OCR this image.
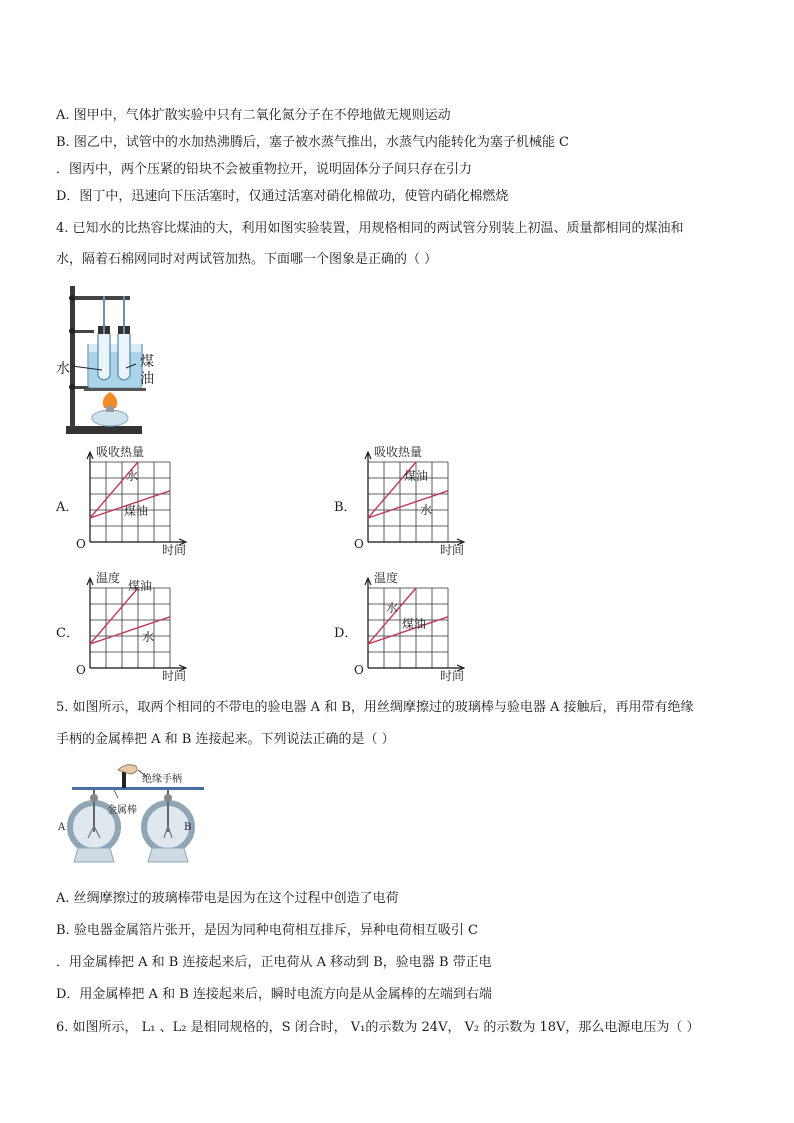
A. 图甲中，气体扩散实验中只有二氧化氮分子在不停地做无规则运动
B. 图乙中，试管中的水加热沸腾后，塞子被水蒸气推出，水蒸气内能转化为塞子机械能 C
．图丙中，两个压紧的铅块不会被重物拉开，说明固体分子间只存在引力
D．图丁中，迅速向下压活塞时，仅通过活塞对硝化棉做功，使管内硝化棉燃烧
4. 已知水的比热容比煤油的大，利用如图实验装置，用规格相同的两试管分别装上初温、质量都相同的煤油和
水，隔着石棉网同时对两试管加热。下面哪一个图象是正确的（ ）
水	煤
油
A．	B．
C．	D．
吸收热量
时间
O
水
煤油
吸收热量
时间
O
煤油
水
温度
时间
O
煤油
水
温度
时间
O
水
煤油
5. 如图所示，取两个相同的不带电的验电器 A 和 B，用丝绸摩擦过的玻璃棒与验电器 A 接触后，再用带有绝缘
手柄的金属棒把 A 和 B 连接起来。下列说法正确的是（ ）
绝缘手柄
金属棒
A	B
A. 丝绸摩擦过的玻璃棒带电是因为在这个过程中创造了电荷
B. 验电器金属箔片张开，是因为同种电荷相互排斥，异种电荷相互吸引 C
．用金属棒把 A 和 B 连接起来后，正电荷从 A 移动到 B，验电器 B 带正电
D．用金属棒把 A 和 B 连接起来后，瞬时电流方向是从金属棒的左端到右端
6. 如图所示， L₁ 、L₂ 是相同规格的，S 闭合时， V₁的示数为 24V， V₂ 的示数为 18V，那么电源电压为（ ）
